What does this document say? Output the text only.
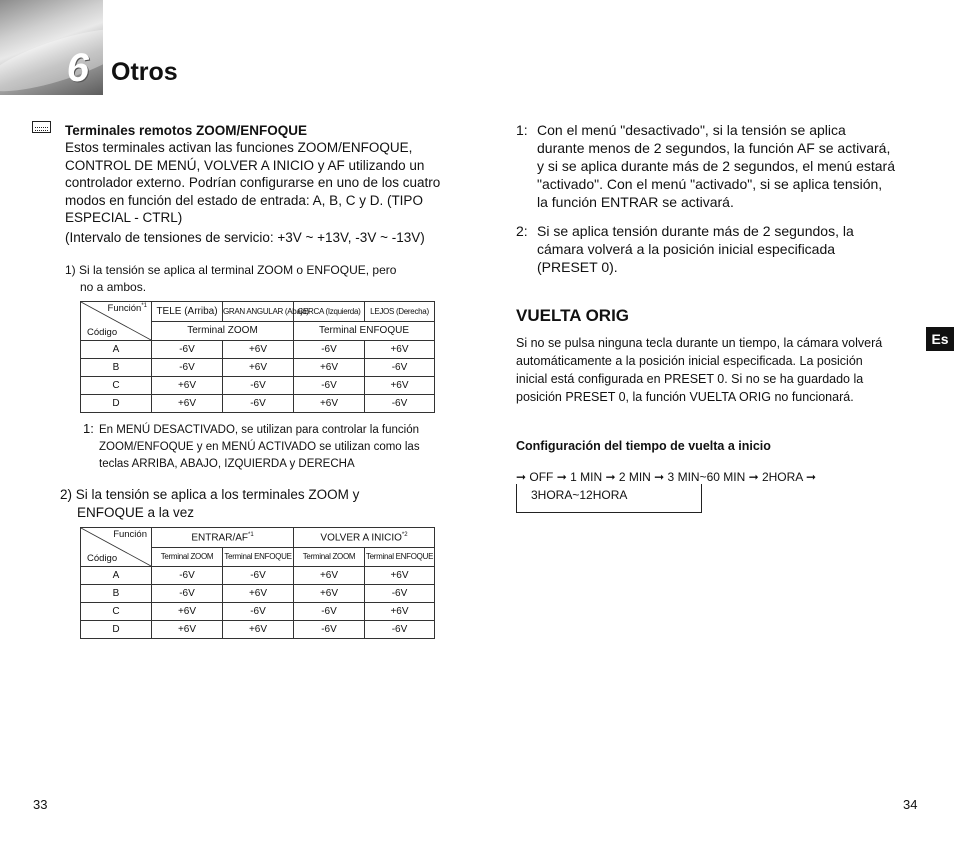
6 Otros
Terminales remotos ZOOM/ENFOQUE
Estos terminales activan las funciones ZOOM/ENFOQUE,
CONTROL DE MENÚ, VOLVER A INICIO y AF utilizando un
controlador externo. Podrían configurarse en uno de los cuatro
modos en función del estado de entrada: A, B, C y D. (TIPO
ESPECIAL - CTRL)
(Intervalo de tensiones de servicio: +3V ~ +13V, -3V ~ -13V)
1) Si la tensión se aplica al terminal ZOOM o ENFOQUE, pero
no a ambos.
Función$^{*1}$
Código	TELE (Arriba)	GRAN ANGULAR (Abajo)	CERCA (Izquierda)	LEJOS (Derecha)
	Terminal ZOOM		Terminal ENFOQUE	
A	-6V	+6V	-6V	+6V
B	-6V	+6V	+6V	-6V
C	+6V	-6V	-6V	+6V
D	+6V	-6V	+6V	-6V
1: En MENÚ DESACTIVADO, se utilizan para controlar la función
ZOOM/ENFOQUE y en MENÚ ACTIVADO se utilizan como las
teclas ARRIBA, ABAJO, IZQUIERDA y DERECHA
2) Si la tensión se aplica a los terminales ZOOM y
ENFOQUE a la vez
Función
Código	ENTRAR/AF$^{*1}$		VOLVER A INICIO$^{*2}$
	Terminal ZOOM	Terminal ENFOQUE	Terminal ZOOM	Terminal ENFOQUE
A	-6V	-6V	+6V	+6V
B	-6V	+6V	+6V	-6V
C	+6V	-6V	-6V	+6V
D	+6V	+6V	-6V	-6V
33
1: Con el menú "desactivado", si la tensión se aplica
durante menos de 2 segundos, la función AF se activará,
y si se aplica durante más de 2 segundos, el menú estará
"activado". Con el menú "activado", si se aplica tensión,
la función ENTRAR se activará.
2: Si se aplica tensión durante más de 2 segundos, la
cámara volverá a la posición inicial especificada
(PRESET 0).
VUELTA ORIG
Si no se pulsa ninguna tecla durante un tiempo, la cámara volverá
automáticamente a la posición inicial especificada. La posición
inicial está configurada en PRESET 0. Si no se ha guardado la
posición PRESET 0, la función VUELTA ORIG no funcionará.
Configuración del tiempo de vuelta a inicio
➞ OFF ➞ 1 MIN ➞ 2 MIN ➞ 3 MIN~60 MIN ➞ 2HORA ➞
3HORA~12HORA
Es
34
